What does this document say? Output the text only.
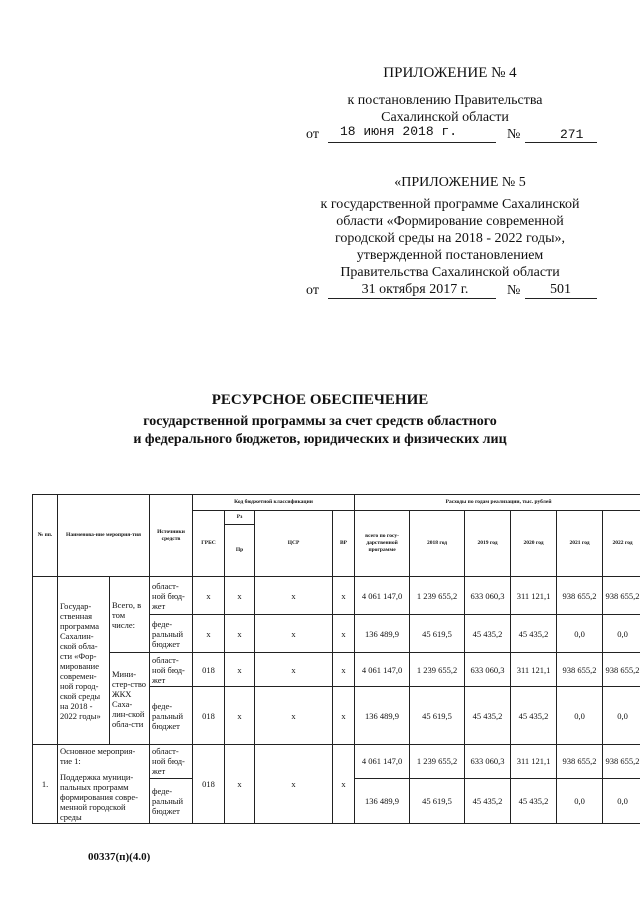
ПРИЛОЖЕНИЕ № 4
к постановлению Правительства
Сахалинской области
от 18 июня 2018 г.	№	271
«ПРИЛОЖЕНИЕ № 5
к государственной программе Сахалинской
области «Формирование современной
городской среды на 2018 - 2022 годы»,
утвержденной постановлением
Правительства Сахалинской области
от	31 октября 2017 г.	№ 501
РЕСУРСНОЕ ОБЕСПЕЧЕНИЕ
государственной программы за счет средств областного
и федерального бюджетов, юридических и физических лиц
№ пп.	Наименова-ние мероприя-тия		Источники средств	Код бюджетной классификации				Расходы по годам реализации, тыс. рублей					
				ГРБС	Рз	ЦСР	ВР	всего по госу-дарственной программе	2018 год	2019 год	2020 год	2021 год	2022 год
					Пр								
	Государ-ственная программа Сахалин-ской обла-сти «Фор-мирование современ-ной город-ской среды на 2018 - 2022 годы»	Всего, в том числе:	област-ной бюд-жет	х	х	х	х	4 061 147,0	1 239 655,2	633 060,3	311 121,1	938 655,2	938 655,2
			феде-ральный бюджет	х	х	х	х	136 489,9	45 619,5	45 435,2	45 435,2	0,0	0,0
		Мини-стер-ство ЖКХ Саха-лин-ской обла-сти	област-ной бюд-жет	018	х	х	х	4 061 147,0	1 239 655,2	633 060,3	311 121,1	938 655,2	938 655,2
			феде-ральный бюджет	018	х	х	х	136 489,9	45 619,5	45 435,2	45 435,2	0,0	0,0
1.	Основное мероприя-тие 1:
Поддержка муници-пальных программ формирования совре-менной городской среды		област-ной бюд-жет	018	х	х	х	4 061 147,0	1 239 655,2	633 060,3	311 121,1	938 655,2	938 655,2
			феде-ральный бюджет					136 489,9	45 619,5	45 435,2	45 435,2	0,0	0,0
00337(п)(4.0)
